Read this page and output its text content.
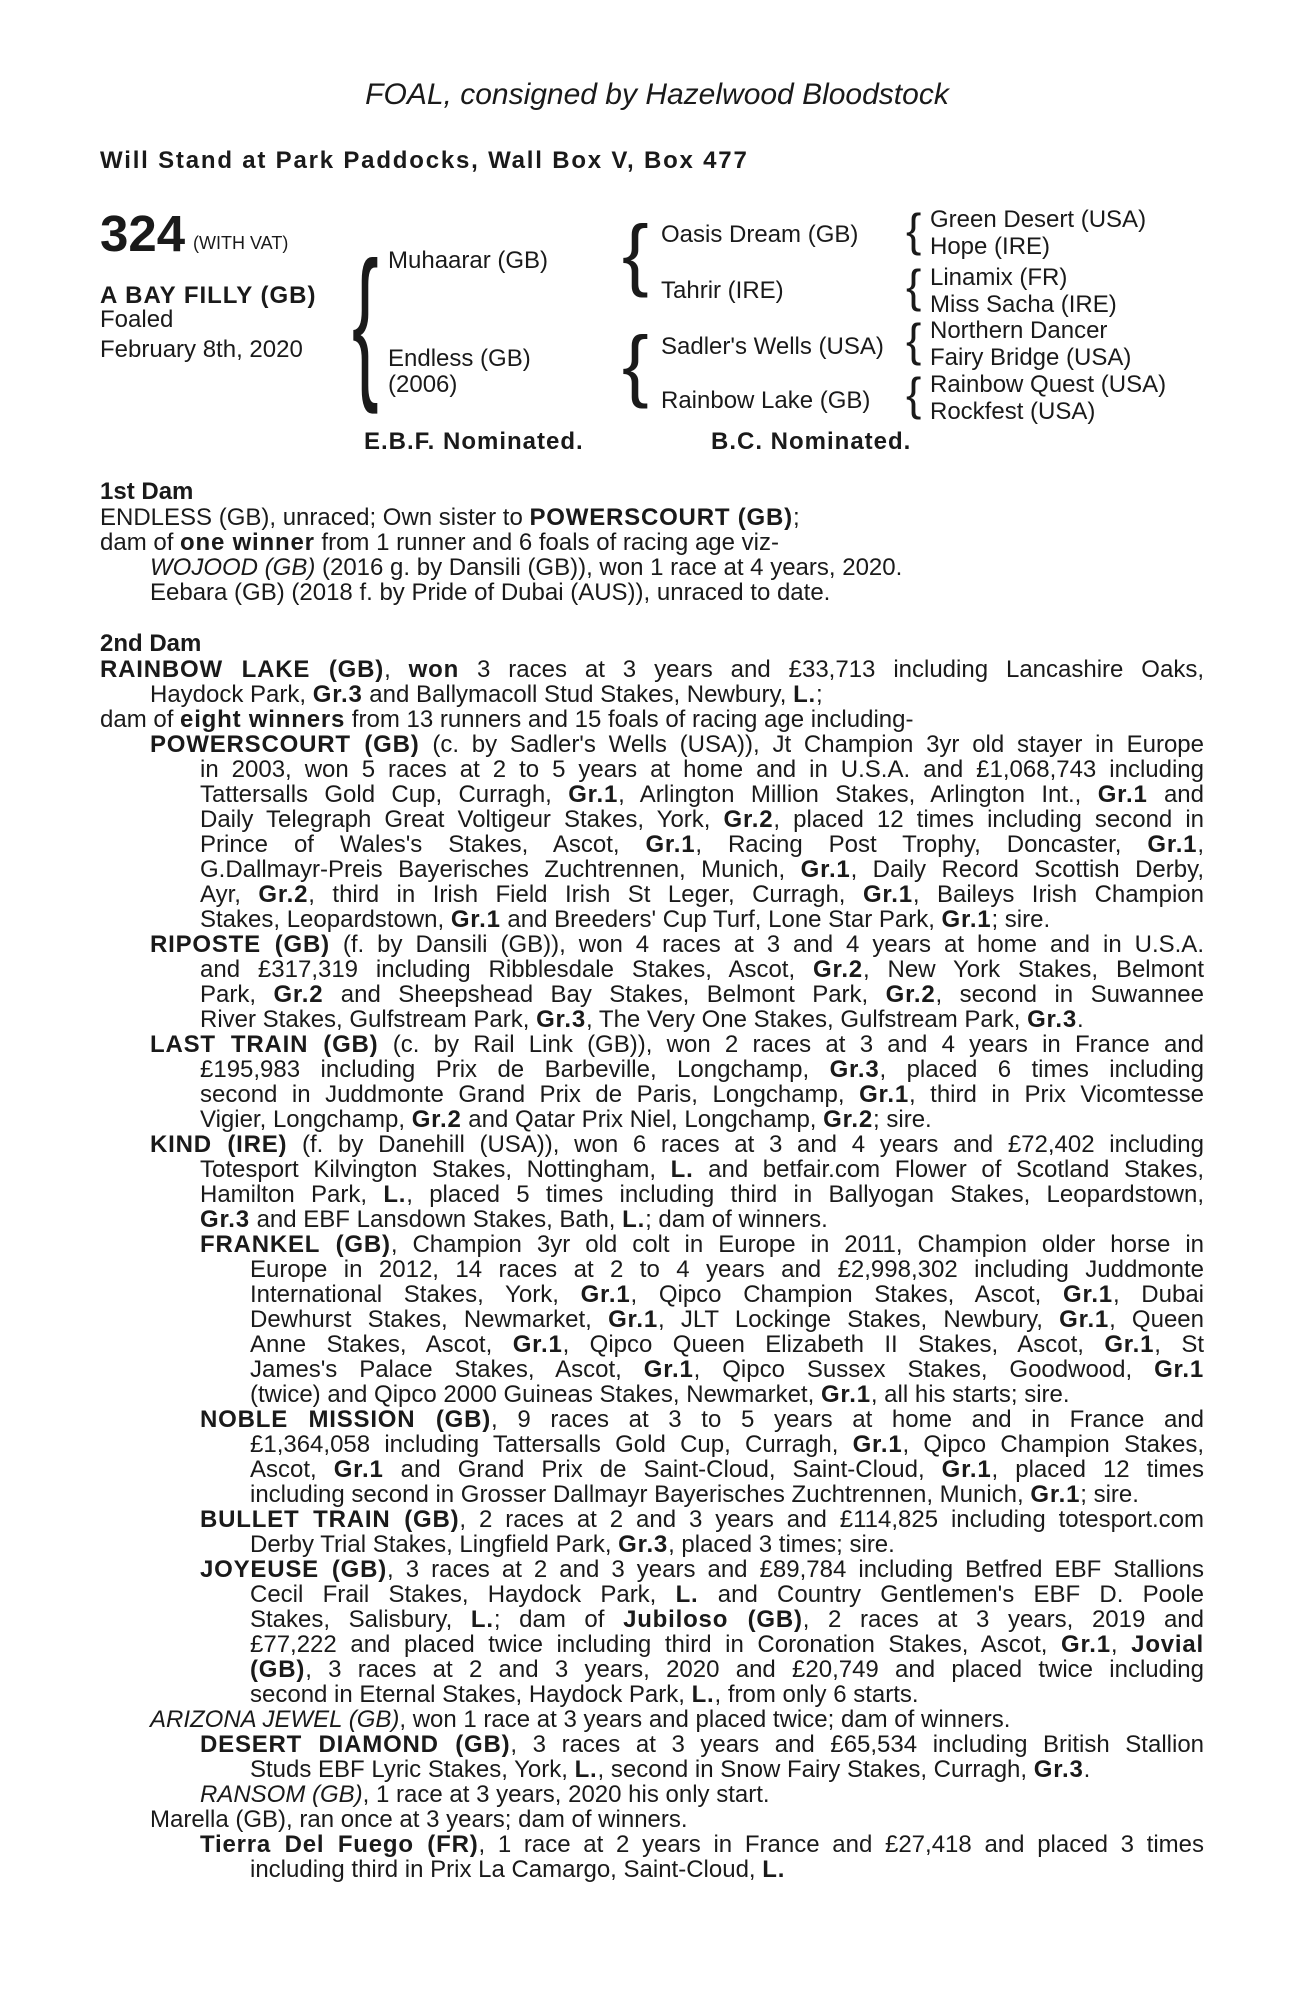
FOAL, consigned by Hazelwood Bloodstock
Will Stand at Park Paddocks, Wall Box V, Box 477
324 (WITH VAT)
A BAY FILLY (GB)
Foaled
February 8th, 2020 { Muhaarar (GB)
Endless (GB)
(2006)
{ Oasis Dream (GB)
Tahrir (IRE)
{ Sadler's Wells (USA)
Rainbow Lake (GB)
{ Green Desert (USA)
Hope (IRE)
{ Linamix (FR)
Miss Sacha (IRE)
{ Northern Dancer
Fairy Bridge (USA)
{ Rainbow Quest (USA)
Rockfest (USA)
E.B.F. Nominated.	B.C. Nominated.
1st Dam
ENDLESS (GB), unraced; Own sister to POWERSCOURT (GB);
dam of one winner from 1 runner and 6 foals of racing age viz-
WOJOOD (GB) (2016 g. by Dansili (GB)), won 1 race at 4 years, 2020.
Eebara (GB) (2018 f. by Pride of Dubai (AUS)), unraced to date.
2nd Dam
RAINBOW LAKE (GB), won 3 races at 3 years and £33,713 including Lancashire Oaks,
Haydock Park, Gr.3 and Ballymacoll Stud Stakes, Newbury, L.;
dam of eight winners from 13 runners and 15 foals of racing age including-
POWERSCOURT (GB) (c. by Sadler's Wells (USA)), Jt Champion 3yr old stayer in Europe
in 2003, won 5 races at 2 to 5 years at home and in U.S.A. and £1,068,743 including
Tattersalls Gold Cup, Curragh, Gr.1, Arlington Million Stakes, Arlington Int., Gr.1 and
Daily Telegraph Great Voltigeur Stakes, York, Gr.2, placed 12 times including second in
Prince of Wales's Stakes, Ascot, Gr.1, Racing Post Trophy, Doncaster, Gr.1,
G.Dallmayr-Preis Bayerisches Zuchtrennen, Munich, Gr.1, Daily Record Scottish Derby,
Ayr, Gr.2, third in Irish Field Irish St Leger, Curragh, Gr.1, Baileys Irish Champion
Stakes, Leopardstown, Gr.1 and Breeders' Cup Turf, Lone Star Park, Gr.1; sire.
RIPOSTE (GB) (f. by Dansili (GB)), won 4 races at 3 and 4 years at home and in U.S.A.
and £317,319 including Ribblesdale Stakes, Ascot, Gr.2, New York Stakes, Belmont
Park, Gr.2 and Sheepshead Bay Stakes, Belmont Park, Gr.2, second in Suwannee
River Stakes, Gulfstream Park, Gr.3, The Very One Stakes, Gulfstream Park, Gr.3.
LAST TRAIN (GB) (c. by Rail Link (GB)), won 2 races at 3 and 4 years in France and
£195,983 including Prix de Barbeville, Longchamp, Gr.3, placed 6 times including
second in Juddmonte Grand Prix de Paris, Longchamp, Gr.1, third in Prix Vicomtesse
Vigier, Longchamp, Gr.2 and Qatar Prix Niel, Longchamp, Gr.2; sire.
KIND (IRE) (f. by Danehill (USA)), won 6 races at 3 and 4 years and £72,402 including
Totesport Kilvington Stakes, Nottingham, L. and betfair.com Flower of Scotland Stakes,
Hamilton Park, L., placed 5 times including third in Ballyogan Stakes, Leopardstown,
Gr.3 and EBF Lansdown Stakes, Bath, L.; dam of winners.
FRANKEL (GB), Champion 3yr old colt in Europe in 2011, Champion older horse in
Europe in 2012, 14 races at 2 to 4 years and £2,998,302 including Juddmonte
International Stakes, York, Gr.1, Qipco Champion Stakes, Ascot, Gr.1, Dubai
Dewhurst Stakes, Newmarket, Gr.1, JLT Lockinge Stakes, Newbury, Gr.1, Queen
Anne Stakes, Ascot, Gr.1, Qipco Queen Elizabeth II Stakes, Ascot, Gr.1, St
James's Palace Stakes, Ascot, Gr.1, Qipco Sussex Stakes, Goodwood, Gr.1
(twice) and Qipco 2000 Guineas Stakes, Newmarket, Gr.1, all his starts; sire.
NOBLE MISSION (GB), 9 races at 3 to 5 years at home and in France and
£1,364,058 including Tattersalls Gold Cup, Curragh, Gr.1, Qipco Champion Stakes,
Ascot, Gr.1 and Grand Prix de Saint-Cloud, Saint-Cloud, Gr.1, placed 12 times
including second in Grosser Dallmayr Bayerisches Zuchtrennen, Munich, Gr.1; sire.
BULLET TRAIN (GB), 2 races at 2 and 3 years and £114,825 including totesport.com
Derby Trial Stakes, Lingfield Park, Gr.3, placed 3 times; sire.
JOYEUSE (GB), 3 races at 2 and 3 years and £89,784 including Betfred EBF Stallions
Cecil Frail Stakes, Haydock Park, L. and Country Gentlemen's EBF D. Poole
Stakes, Salisbury, L.; dam of Jubiloso (GB), 2 races at 3 years, 2019 and
£77,222 and placed twice including third in Coronation Stakes, Ascot, Gr.1, Jovial
(GB), 3 races at 2 and 3 years, 2020 and £20,749 and placed twice including
second in Eternal Stakes, Haydock Park, L., from only 6 starts.
ARIZONA JEWEL (GB), won 1 race at 3 years and placed twice; dam of winners.
DESERT DIAMOND (GB), 3 races at 3 years and £65,534 including British Stallion
Studs EBF Lyric Stakes, York, L., second in Snow Fairy Stakes, Curragh, Gr.3.
RANSOM (GB), 1 race at 3 years, 2020 his only start.
Marella (GB), ran once at 3 years; dam of winners.
Tierra Del Fuego (FR), 1 race at 2 years in France and £27,418 and placed 3 times
including third in Prix La Camargo, Saint-Cloud, L.
